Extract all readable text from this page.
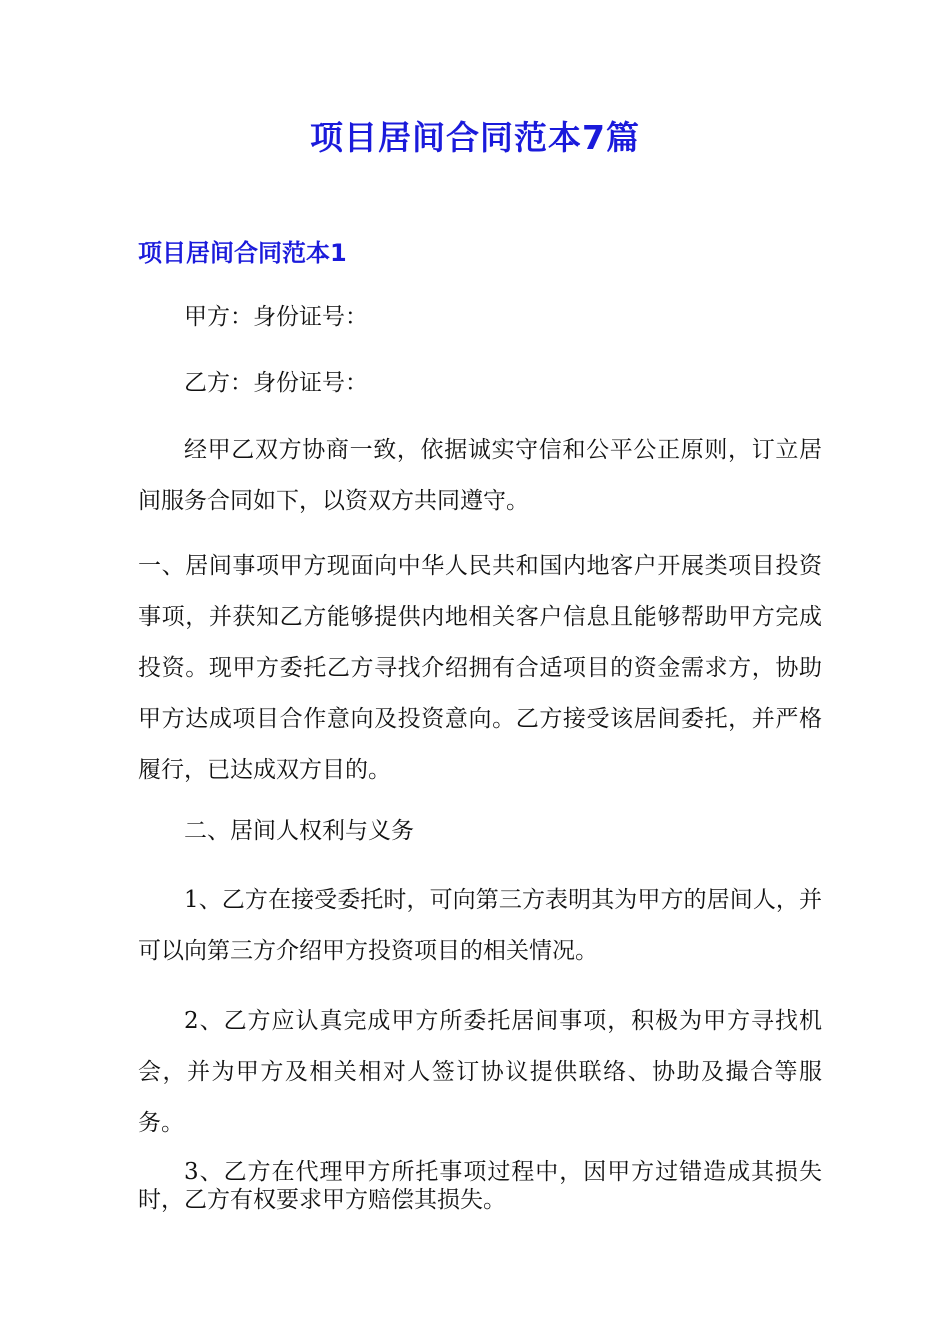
项目居间合同范本7篇
项目居间合同范本1

甲方：身份证号：

乙方：身份证号：

经甲乙双方协商一致，依据诚实守信和公平公正原则，订立居间服务合同如下，以资双方共同遵守。

一、居间事项甲方现面向中华人民共和国内地客户开展类项目投资事项，并获知乙方能够提供内地相关客户信息且能够帮助甲方完成投资。现甲方委托乙方寻找介绍拥有合适项目的资金需求方，协助甲方达成项目合作意向及投资意向。乙方接受该居间委托，并严格履行，已达成双方目的。

二、居间人权利与义务

1、乙方在接受委托时，可向第三方表明其为甲方的居间人，并可以向第三方介绍甲方投资项目的相关情况。

2、乙方应认真完成甲方所委托居间事项，积极为甲方寻找机会，并为甲方及相关相对人签订协议提供联络、协助及撮合等服务。

3、乙方在代理甲方所托事项过程中，因甲方过错造成其损失时，乙方有权要求甲方赔偿其损失。
